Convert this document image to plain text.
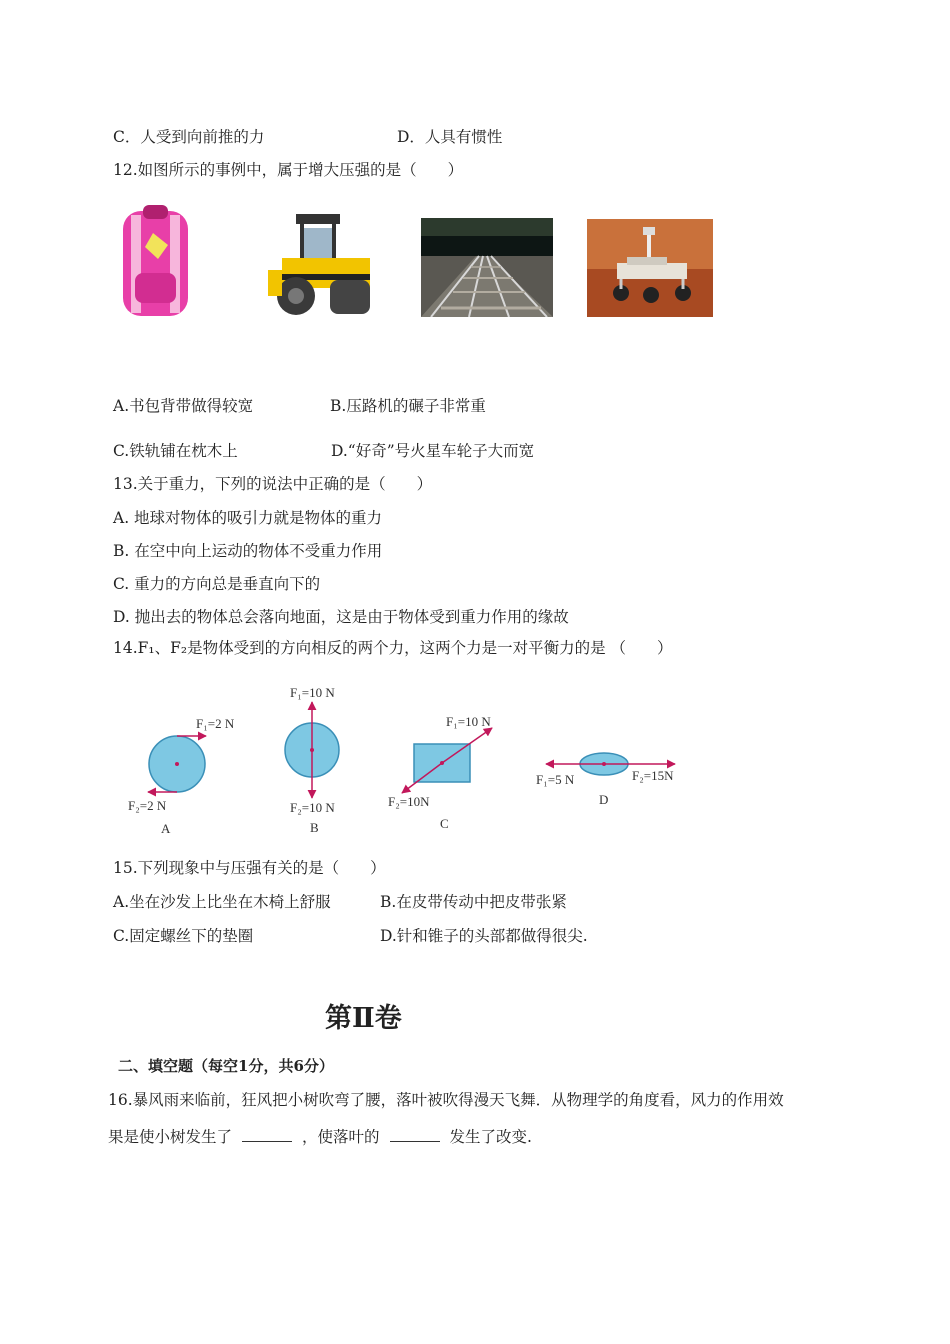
C．人受到向前推的力	D．人具有惯性
12.如图所示的事例中，属于增大压强的是（　　）
A.书包背带做得较宽	B.压路机的碾子非常重
C.铁轨铺在枕木上	D.“好奇”号火星车轮子大而宽
13.关于重力，下列的说法中正确的是（　　）
A. 地球对物体的吸引力就是物体的重力
B. 在空中向上运动的物体不受重力作用
C. 重力的方向总是垂直向下的
D. 抛出去的物体总会落向地面，这是由于物体受到重力作用的缘故
14.F₁、F₂是物体受到的方向相反的两个力，这两个力是一对平衡力的是 （　　）
F₁=2 N
F₂=2 N
A
F₁=10 N
F₂=10 N
B
F₁=10 N
F₂=10N
C
F₁=5 N	F₂=15N
D
15.下列现象中与压强有关的是（　　）
A.坐在沙发上比坐在木椅上舒服	B.在皮带传动中把皮带张紧
C.固定螺丝下的垫圈	D.针和锥子的头部都做得很尖.
第Ⅱ卷
二、填空题（每空1分，共6分）
16.暴风雨来临前，狂风把小树吹弯了腰，落叶被吹得漫天飞舞．从物理学的角度看，风力的作用效
果是使小树发生了	，使落叶的	发生了改变.
